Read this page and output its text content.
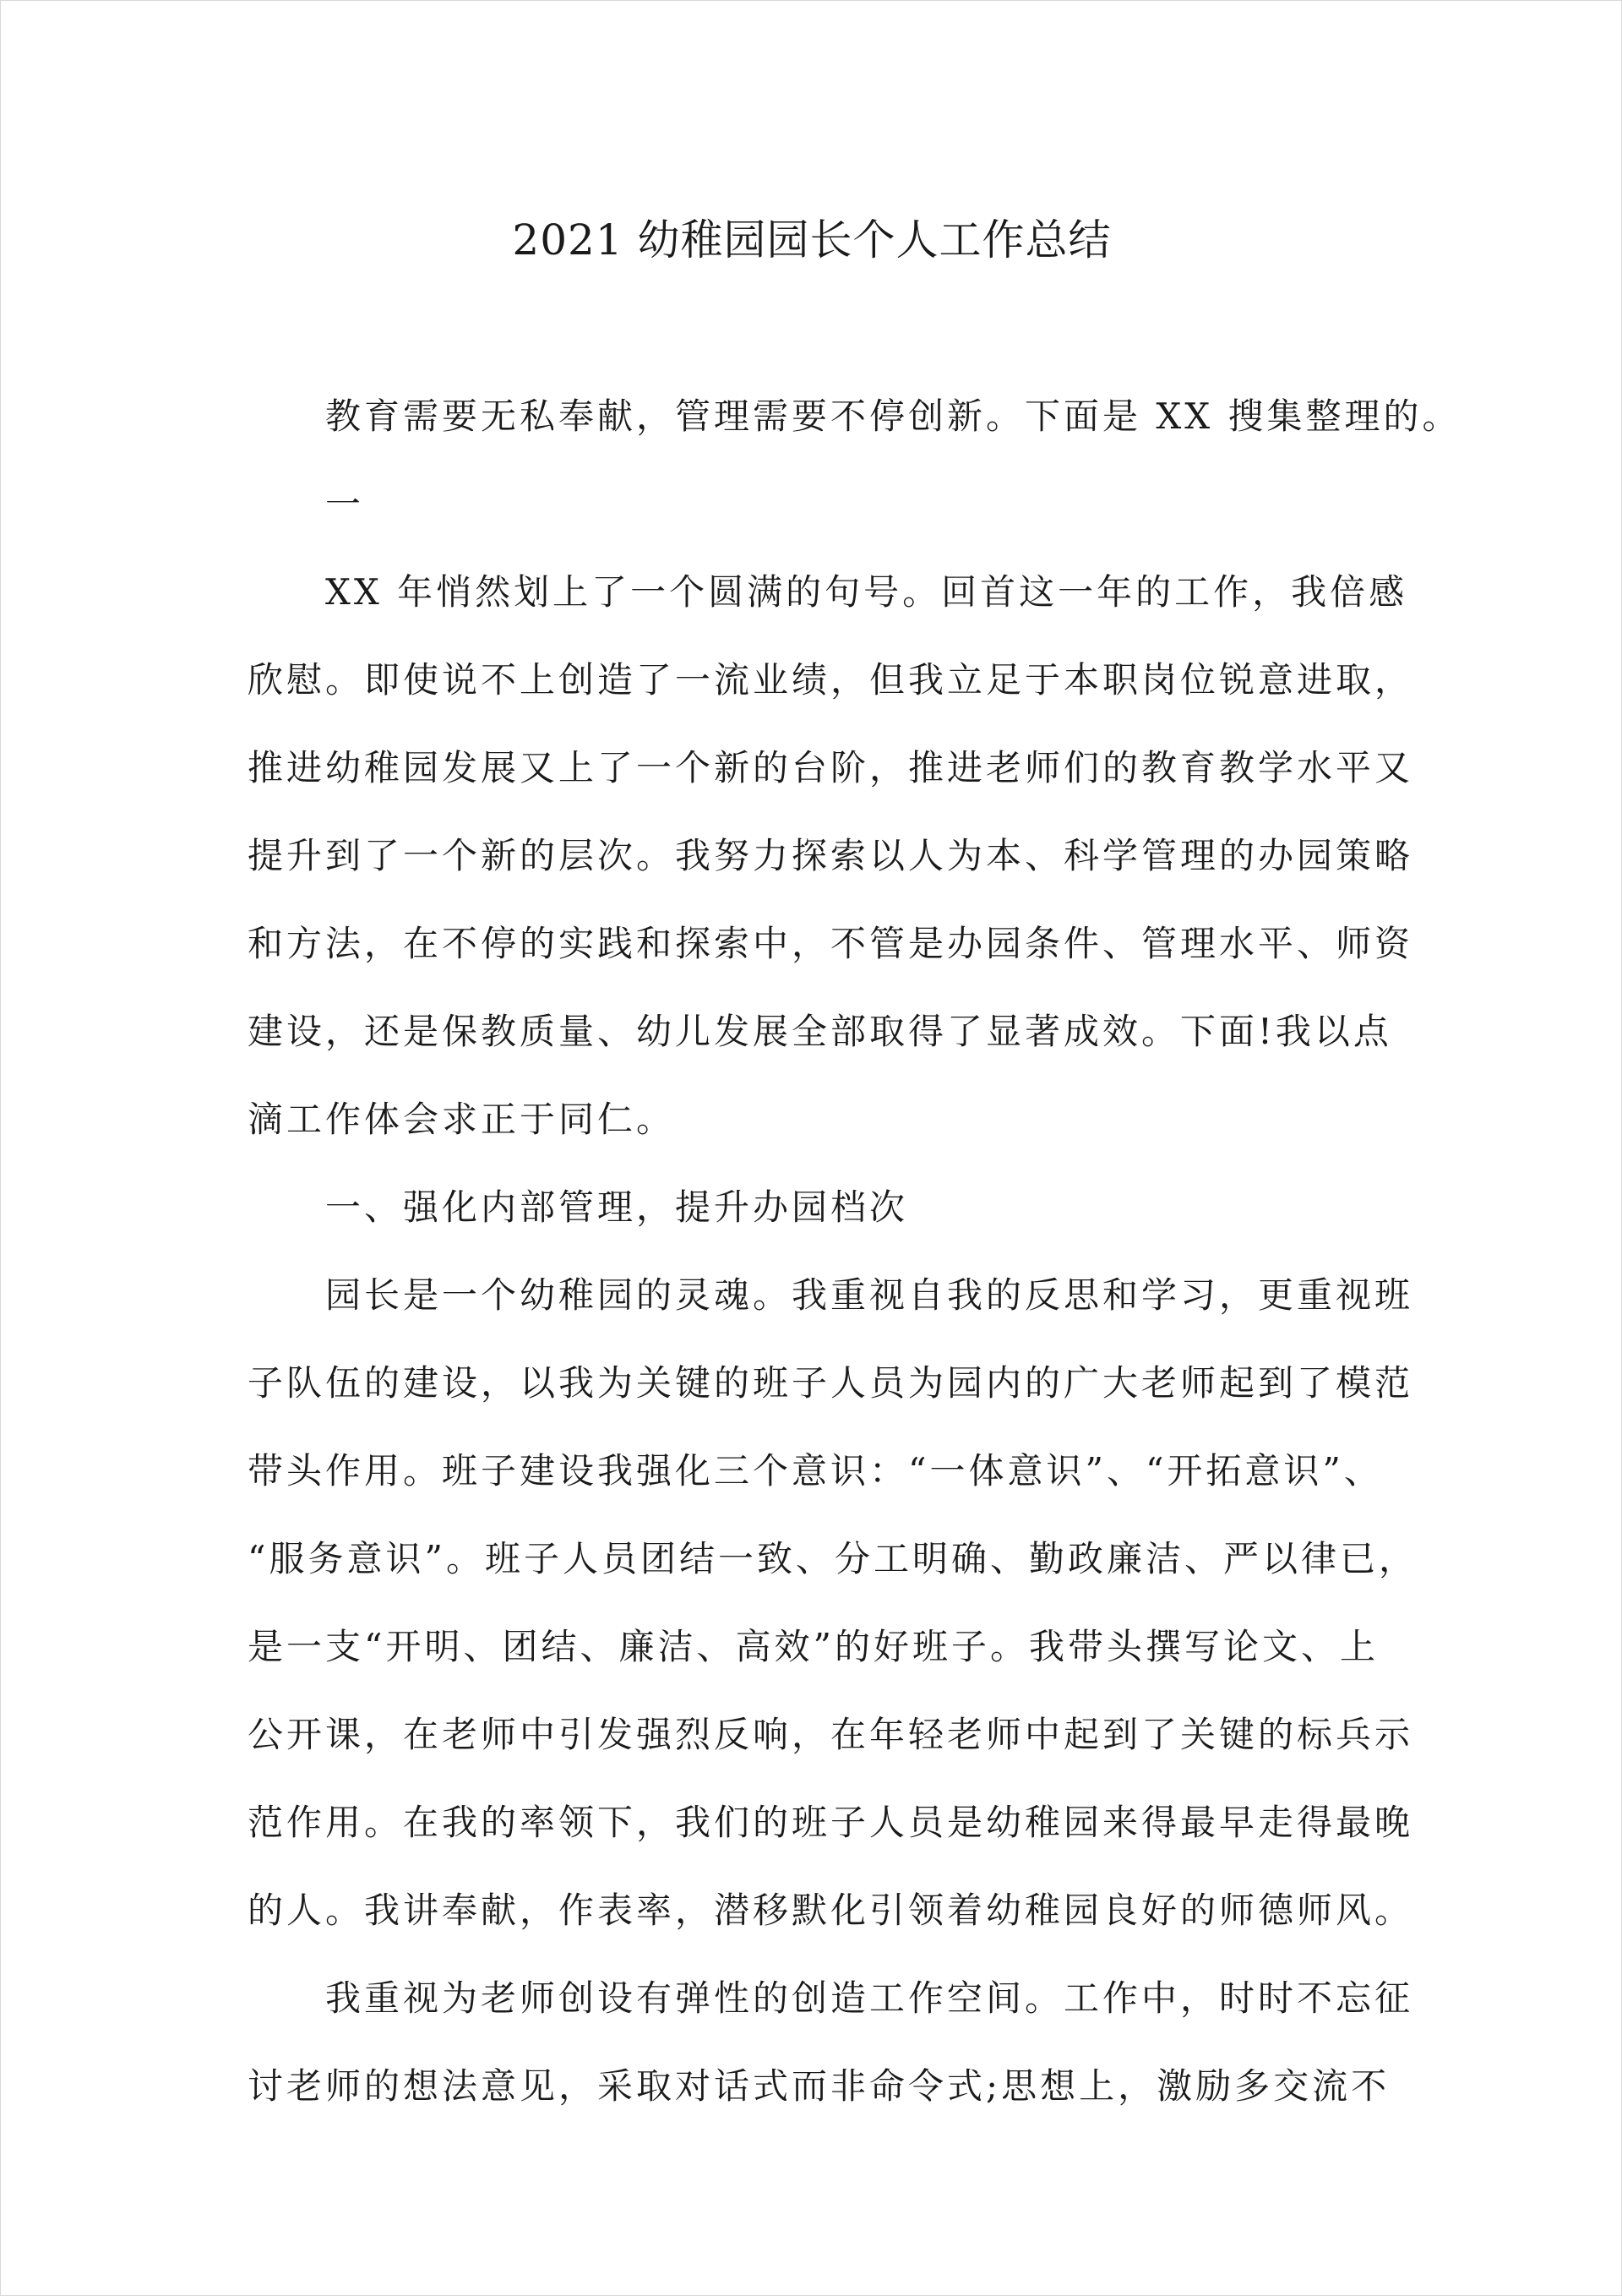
2021 幼稚园园长个人工作总结

教育需要无私奉献，管理需要不停创新。下面是 XX 搜集整理的。

一

XX 年悄然划上了一个圆满的句号。回首这一年的工作，我倍感

欣慰。即使说不上创造了一流业绩，但我立足于本职岗位锐意进取，

推进幼稚园发展又上了一个新的台阶，推进老师们的教育教学水平又

提升到了一个新的层次。我努力探索以人为本、科学管理的办园策略

和方法，在不停的实践和探索中，不管是办园条件、管理水平、师资

建设，还是保教质量、幼儿发展全部取得了显著成效。下面!我以点

滴工作体会求正于同仁。

一、强化内部管理，提升办园档次

园长是一个幼稚园的灵魂。我重视自我的反思和学习，更重视班

子队伍的建设，以我为关键的班子人员为园内的广大老师起到了模范

带头作用。班子建设我强化三个意识：“一体意识”、“开拓意识”、

“服务意识”。班子人员团结一致、分工明确、勤政廉洁、严以律已，

是一支“开明、团结、廉洁、高效”的好班子。我带头撰写论文、上

公开课，在老师中引发强烈反响，在年轻老师中起到了关键的标兵示

范作用。在我的率领下，我们的班子人员是幼稚园来得最早走得最晚

的人。我讲奉献，作表率，潜移默化引领着幼稚园良好的师德师风。

我重视为老师创设有弹性的创造工作空间。工作中，时时不忘征

讨老师的想法意见，采取对话式而非命令式;思想上，激励多交流不
